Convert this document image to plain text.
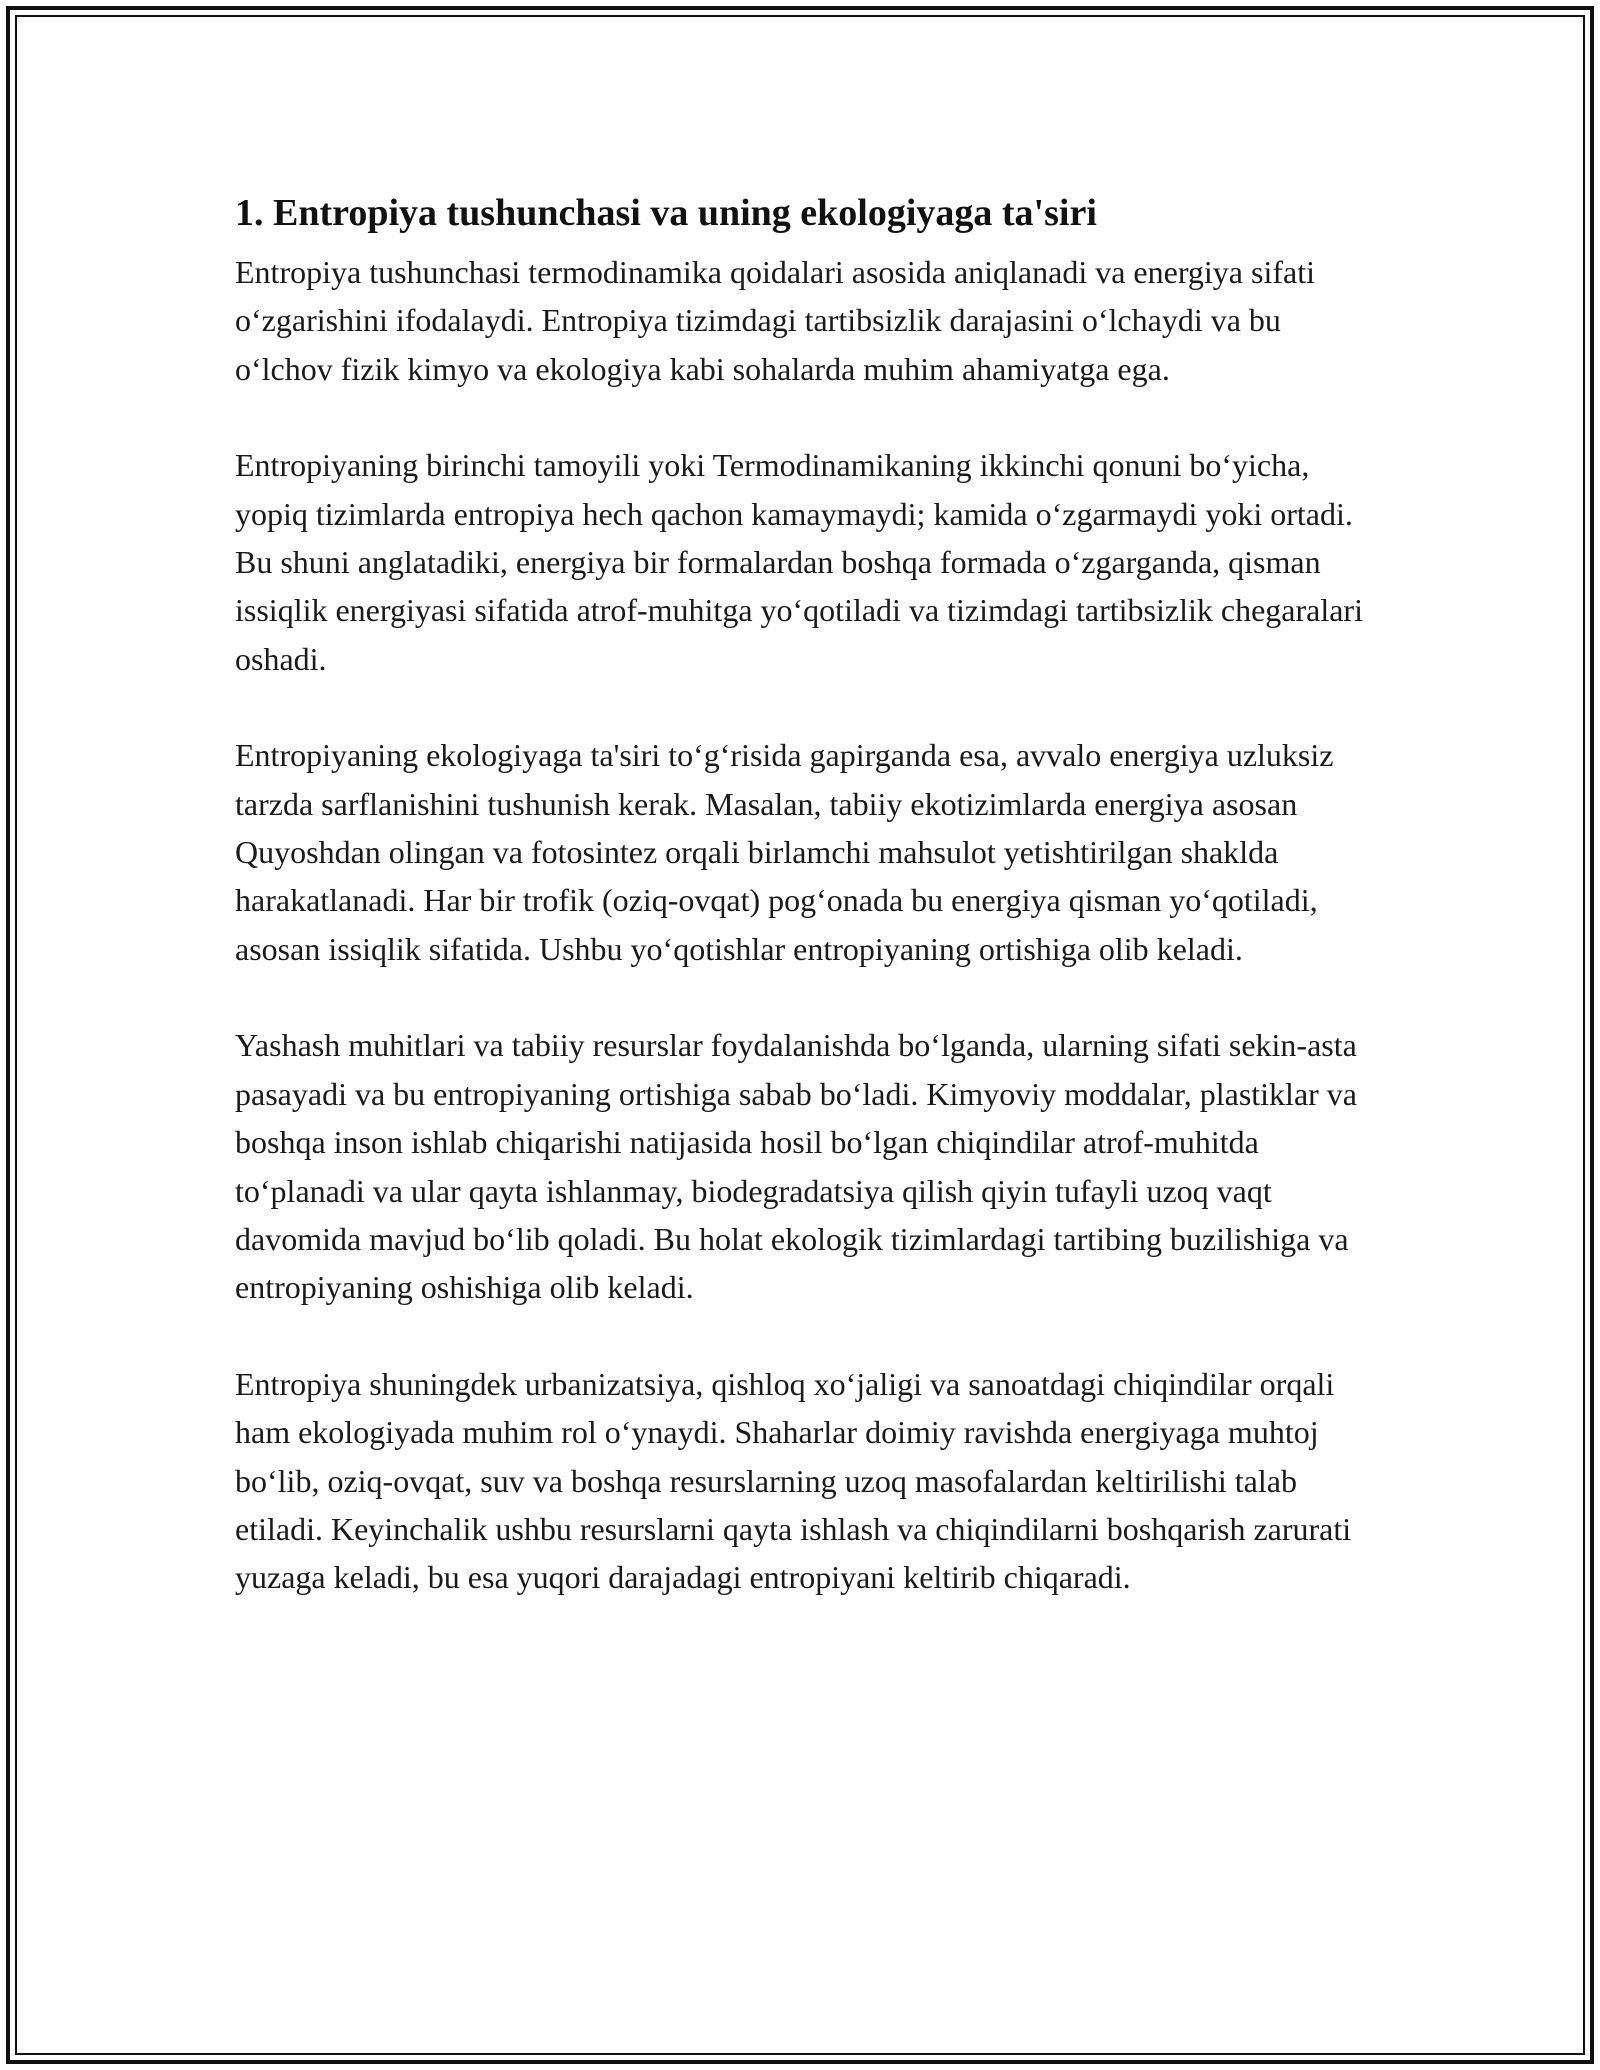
1. Entropiya tushunchasi va uning ekologiyaga ta'siri

Entropiya tushunchasi termodinamika qoidalari asosida aniqlanadi va energiya sifati o‘zgarishini ifodalaydi. Entropiya tizimdagi tartibsizlik darajasini o‘lchaydi va bu o‘lchov fizik kimyo va ekologiya kabi sohalarda muhim ahamiyatga ega.

Entropiyaning birinchi tamoyili yoki Termodinamikaning ikkinchi qonuni bo‘yicha, yopiq tizimlarda entropiya hech qachon kamaymaydi; kamida o‘zgarmaydi yoki ortadi. Bu shuni anglatadiki, energiya bir formalardan boshqa formada o‘zgarganda, qisman issiqlik energiyasi sifatida atrof-muhitga yo‘qotiladi va tizimdagi tartibsizlik chegaralari oshadi.

Entropiyaning ekologiyaga ta'siri to‘g‘risida gapirganda esa, avvalo energiya uzluksiz tarzda sarflanishini tushunish kerak. Masalan, tabiiy ekotizimlarda energiya asosan Quyoshdan olingan va fotosintez orqali birlamchi mahsulot yetishtirilgan shaklda harakatlanadi. Har bir trofik (oziq-ovqat) pog‘onada bu energiya qisman yo‘qotiladi, asosan issiqlik sifatida. Ushbu yo‘qotishlar entropiyaning ortishiga olib keladi.

Yashash muhitlari va tabiiy resurslar foydalanishda bo‘lganda, ularning sifati sekin-asta pasayadi va bu entropiyaning ortishiga sabab bo‘ladi. Kimyoviy moddalar, plastiklar va boshqa inson ishlab chiqarishi natijasida hosil bo‘lgan chiqindilar atrof-muhitda to‘planadi va ular qayta ishlanmay, biodegradatsiya qilish qiyin tufayli uzoq vaqt davomida mavjud bo‘lib qoladi. Bu holat ekologik tizimlardagi tartibing buzilishiga va entropiyaning oshishiga olib keladi.

Entropiya shuningdek urbanizatsiya, qishloq xo‘jaligi va sanoatdagi chiqindilar orqali ham ekologiyada muhim rol o‘ynaydi. Shaharlar doimiy ravishda energiyaga muhtoj bo‘lib, oziq-ovqat, suv va boshqa resurslarning uzoq masofalardan keltirilishi talab etiladi. Keyinchalik ushbu resurslarni qayta ishlash va chiqindilarni boshqarish zarurati yuzaga keladi, bu esa yuqori darajadagi entropiyani keltirib chiqaradi.
